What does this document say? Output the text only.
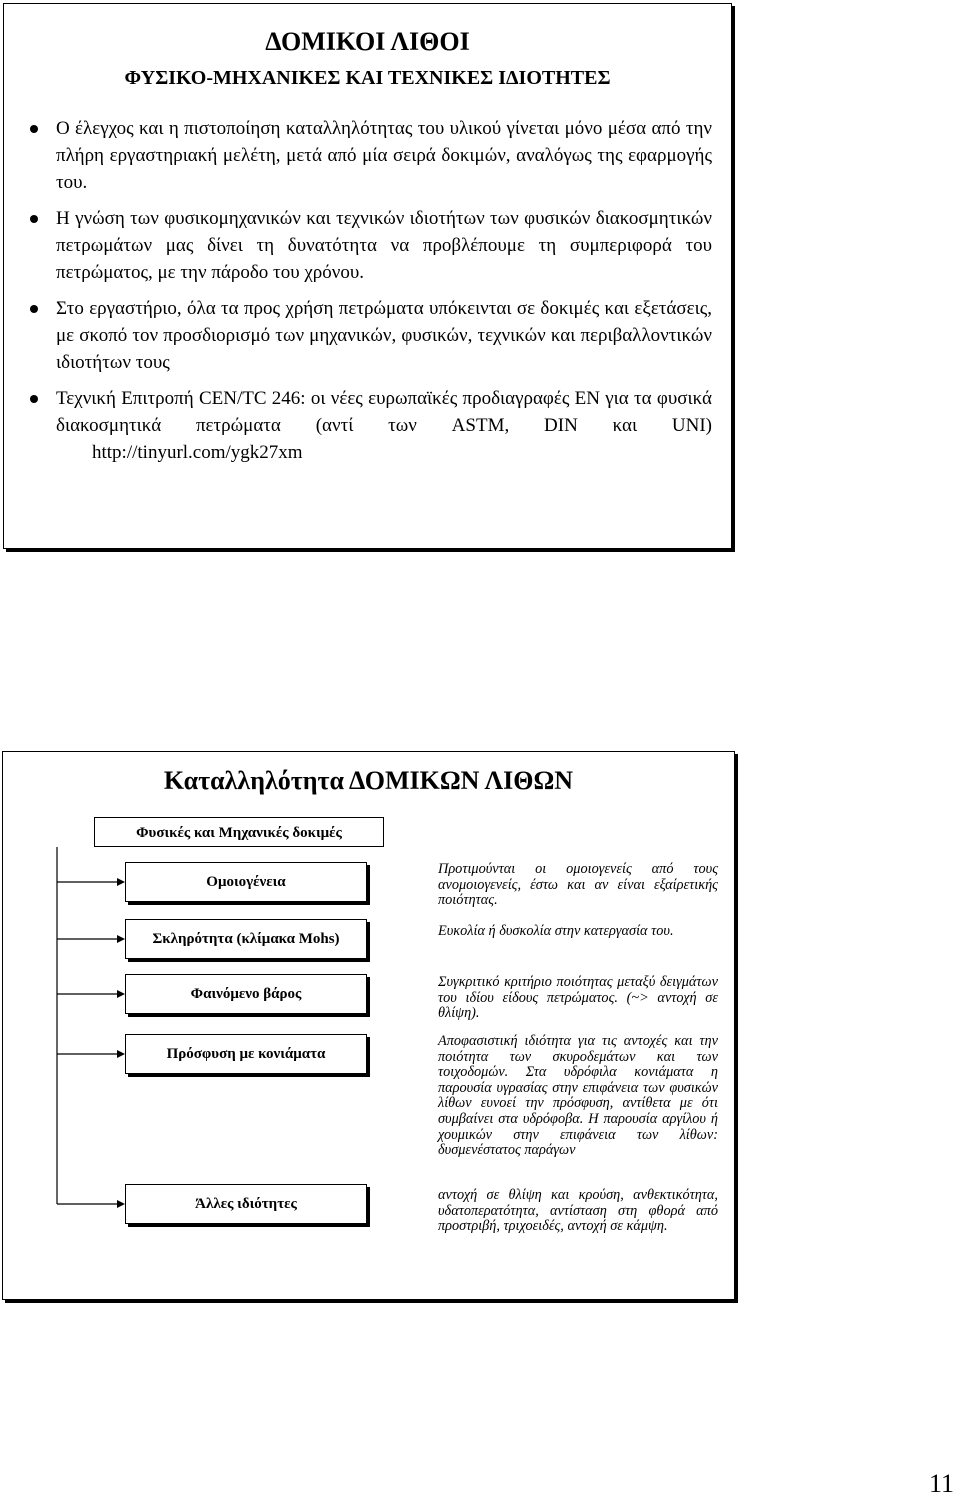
ΔΟΜΙΚΟΙ ΛΙΘΟΙ
ΦΥΣΙΚΟ-ΜΗΧΑΝΙΚΕΣ ΚΑΙ ΤΕΧΝΙΚΕΣ ΙΔΙΟΤΗΤΕΣ
Ο έλεγχος και η πιστοποίηση καταλληλότητας του υλικού γίνεται μόνο μέσα από την πλήρη εργαστηριακή μελέτη, μετά από μία σειρά δοκιμών, αναλόγως της εφαρμογής του.
Η γνώση των φυσικομηχανικών και τεχνικών ιδιοτήτων των φυσικών διακοσμητικών πετρωμάτων μας δίνει τη δυνατότητα να προβλέπουμε τη συμπεριφορά του πετρώματος, με την πάροδο του χρόνου.
Στο εργαστήριο, όλα τα προς χρήση πετρώματα υπόκεινται σε δοκιμές και εξετάσεις, με σκοπό τον προσδιορισμό των μηχανικών, φυσικών, τεχνικών και περιβαλλοντικών ιδιοτήτων τους
Τεχνική Επιτροπή CEN/TC 246: οι νέες ευρωπαϊκές προδιαγραφές EN για τα φυσικά διακοσμητικά πετρώματα (αντί των ASTM, DIN και UNI) http://tinyurl.com/ygk27xm
Καταλληλότητα ΔΟΜΙΚΩΝ ΛΙΘΩΝ
Φυσικές και Μηχανικές δοκιμές
Ομοιογένεια
Σκληρότητα (κλίμακα Mohs)
Φαινόμενο βάρος
Πρόσφυση με κονιάματα
Άλλες ιδιότητες
Προτιμούνται οι ομοιογενείς από τους ανομοιογενείς, έστω και αν είναι εξαίρετικής ποιότητας.
Ευκολία ή δυσκολία στην κατεργασία του.
Συγκριτικό κριτήριο ποιότητας μεταξύ δειγμάτων του ιδίου είδους πετρώματος. (~> αντοχή σε θλίψη).
Αποφασιστική ιδιότητα για τις αντοχές και την ποιότητα των σκυροδεμάτων και των τοιχοδομών. Στα υδρόφιλα κονιάματα η παρουσία υγρασίας στην επιφάνεια των φυσικών λίθων ευνοεί την πρόσφυση, αντίθετα με ότι συμβαίνει στα υδρόφοβα. Η παρουσία αργίλου ή χουμικών στην επιφάνεια των λίθων: δυσμενέστατος παράγων
αντοχή σε θλίψη και κρούση, ανθεκτικότητα, υδατοπερατότητα, αντίσταση στη φθορά από προστριβή, τριχοειδές, αντοχή σε κάμψη.
11
